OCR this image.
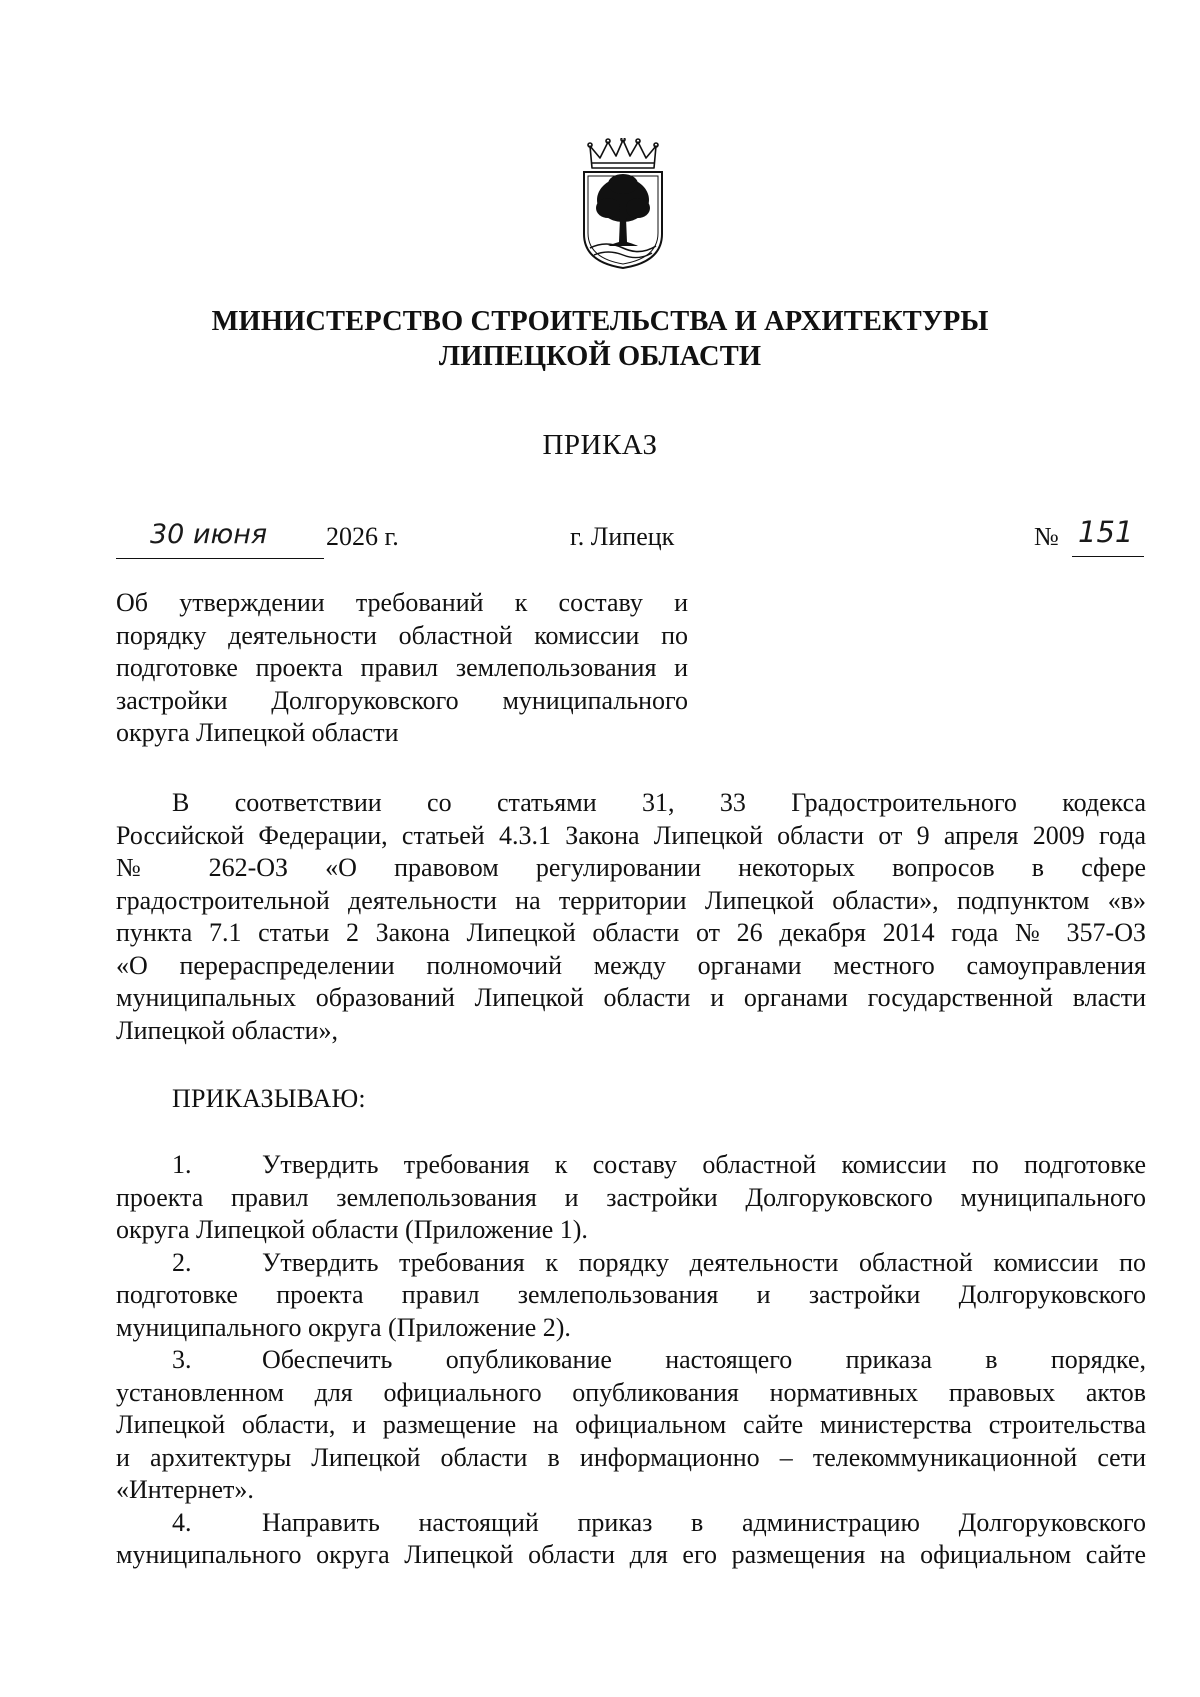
МИНИСТЕРСТВО СТРОИТЕЛЬСТВА И АРХИТЕКТУРЫ
ЛИПЕЦКОЙ ОБЛАСТИ
ПРИКАЗ
30 июня 2026 г.	г. Липецк	№ 151
Об утверждении требований к составу и
порядку деятельности областной комиссии по
подготовке проекта правил землепользования и
застройки Долгоруковского муниципального
округа Липецкой области
В соответствии со статьями 31, 33 Градостроительного кодекса
Российской Федерации, статьей 4.3.1 Закона Липецкой области от 9 апреля 2009 года
№ 262-ОЗ «О правовом регулировании некоторых вопросов в сфере
градостроительной деятельности на территории Липецкой области», подпунктом «в»
пункта 7.1 статьи 2 Закона Липецкой области от 26 декабря 2014 года № 357-ОЗ
«О перераспределении полномочий между органами местного самоуправления
муниципальных образований Липецкой области и органами государственной власти
Липецкой области»,
ПРИКАЗЫВАЮ:
1.	Утвердить требования к составу областной комиссии по подготовке
проекта правил землепользования и застройки Долгоруковского муниципального
округа Липецкой области (Приложение 1).
2.	Утвердить требования к порядку деятельности областной комиссии по
подготовке проекта правил землепользования и застройки Долгоруковского
муниципального округа (Приложение 2).
3.	Обеспечить опубликование настоящего приказа в порядке,
установленном для официального опубликования нормативных правовых актов
Липецкой области, и размещение на официальном сайте министерства строительства
и архитектуры Липецкой области в информационно – телекоммуникационной сети
«Интернет».
4.	Направить настоящий приказ в администрацию Долгоруковского
муниципального округа Липецкой области для его размещения на официальном сайте
